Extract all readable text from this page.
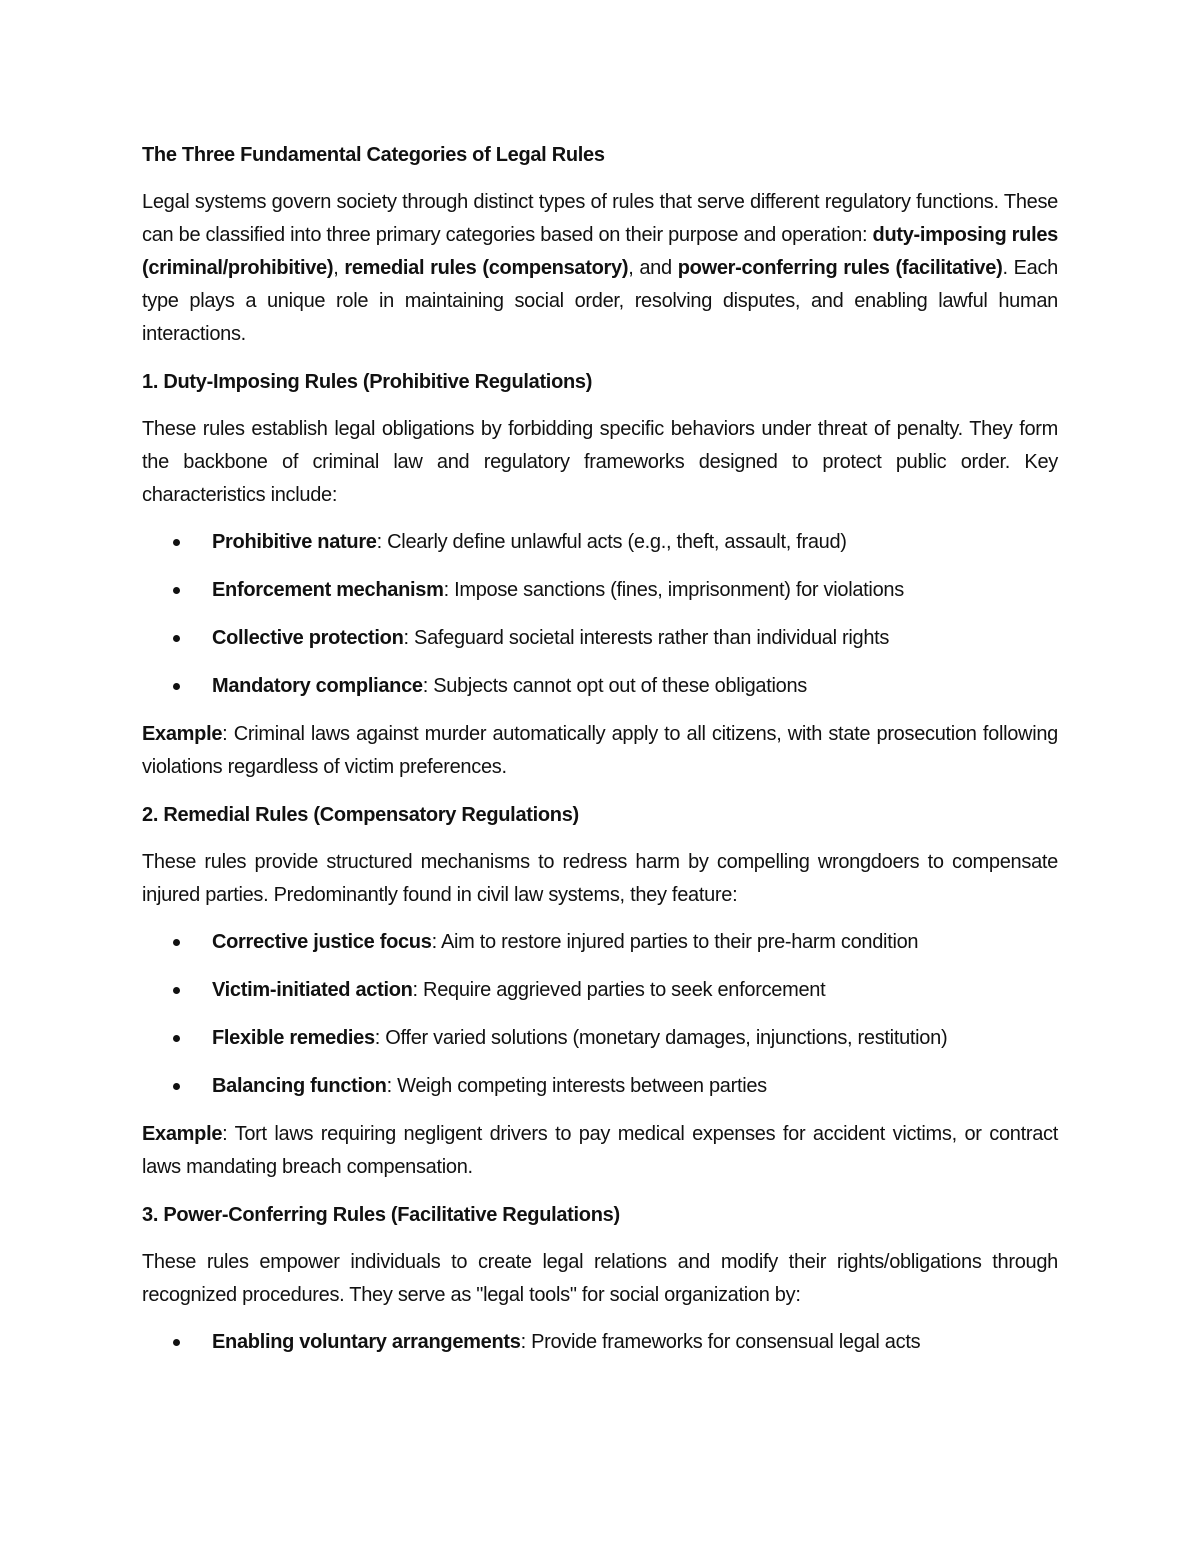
The Three Fundamental Categories of Legal Rules

Legal systems govern society through distinct types of rules that serve different regulatory functions. These can be classified into three primary categories based on their purpose and operation: duty-imposing rules (criminal/prohibitive), remedial rules (compensatory), and power-conferring rules (facilitative). Each type plays a unique role in maintaining social order, resolving disputes, and enabling lawful human interactions.

1. Duty-Imposing Rules (Prohibitive Regulations)

These rules establish legal obligations by forbidding specific behaviors under threat of penalty. They form the backbone of criminal law and regulatory frameworks designed to protect public order. Key characteristics include:

Prohibitive nature: Clearly define unlawful acts (e.g., theft, assault, fraud)
Enforcement mechanism: Impose sanctions (fines, imprisonment) for violations
Collective protection: Safeguard societal interests rather than individual rights
Mandatory compliance: Subjects cannot opt out of these obligations

Example: Criminal laws against murder automatically apply to all citizens, with state prosecution following violations regardless of victim preferences.

2. Remedial Rules (Compensatory Regulations)

These rules provide structured mechanisms to redress harm by compelling wrongdoers to compensate injured parties. Predominantly found in civil law systems, they feature:

Corrective justice focus: Aim to restore injured parties to their pre-harm condition
Victim-initiated action: Require aggrieved parties to seek enforcement
Flexible remedies: Offer varied solutions (monetary damages, injunctions, restitution)
Balancing function: Weigh competing interests between parties

Example: Tort laws requiring negligent drivers to pay medical expenses for accident victims, or contract laws mandating breach compensation.

3. Power-Conferring Rules (Facilitative Regulations)

These rules empower individuals to create legal relations and modify their rights/obligations through recognized procedures. They serve as "legal tools" for social organization by:

Enabling voluntary arrangements: Provide frameworks for consensual legal acts
